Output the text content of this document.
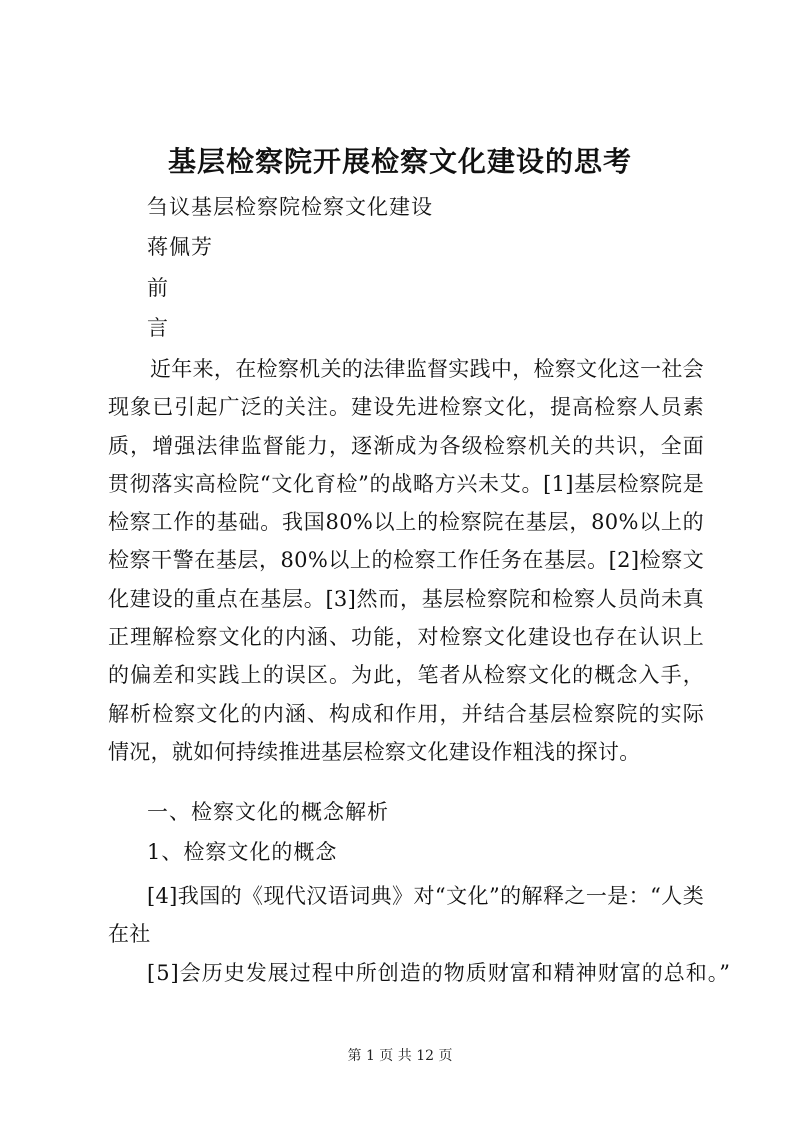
基层检察院开展检察文化建设的思考
刍议基层检察院检察文化建设
蒋佩芳
前
言
近年来，在检察机关的法律监督实践中，检察文化这一社会现象已引起广泛的关注。建设先进检察文化，提高检察人员素质，增强法律监督能力，逐渐成为各级检察机关的共识，全面贯彻落实高检院“文化育检”的战略方兴未艾。[1]基层检察院是检察工作的基础。我国80%以上的检察院在基层，80%以上的检察干警在基层，80%以上的检察工作任务在基层。[2]检察文化建设的重点在基层。[3]然而，基层检察院和检察人员尚未真正理解检察文化的内涵、功能，对检察文化建设也存在认识上的偏差和实践上的误区。为此，笔者从检察文化的概念入手，解析检察文化的内涵、构成和作用，并结合基层检察院的实际情况，就如何持续推进基层检察文化建设作粗浅的探讨。
一、检察文化的概念解析
1、检察文化的概念
[4]我国的《现代汉语词典》对“文化”的解释之一是：“人类在社
[5]会历史发展过程中所创造的物质财富和精神财富的总和。”
第 1 页 共 12 页
